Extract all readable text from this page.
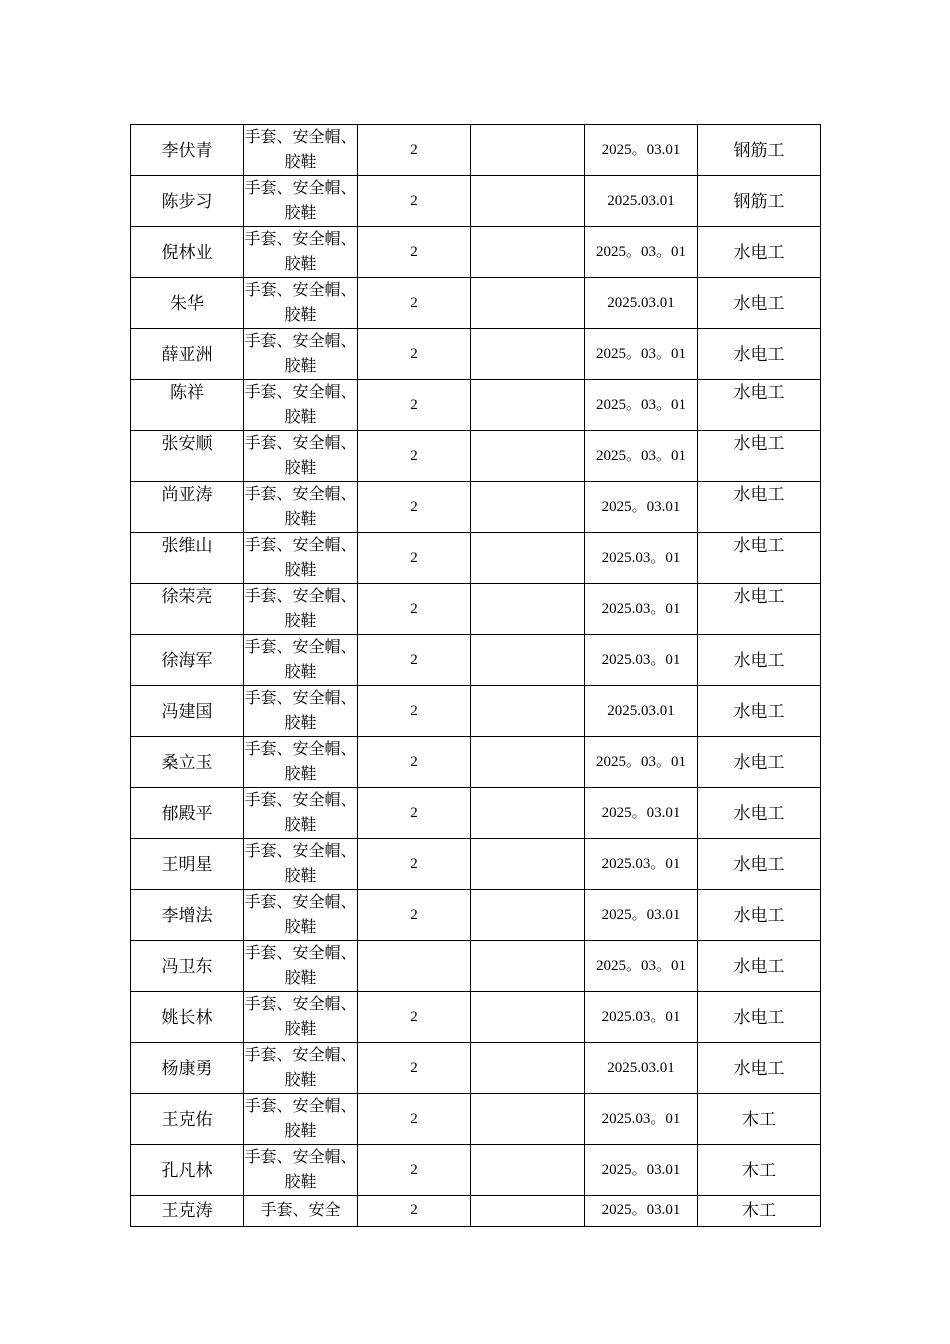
李伏青	手套、安全帽、胶鞋	2		2025。03.01	钢筋工
陈步习	手套、安全帽、胶鞋	2		2025.03.01	钢筋工
倪林业	手套、安全帽、胶鞋	2		2025。03。01	水电工
朱华	手套、安全帽、胶鞋	2		2025.03.01	水电工
薛亚洲	手套、安全帽、胶鞋	2		2025。03。01	水电工
陈祥	手套、安全帽、胶鞋	2		2025。03。01	水电工
张安顺	手套、安全帽、胶鞋	2		2025。03。01	水电工
尚亚涛	手套、安全帽、胶鞋	2		2025。03.01	水电工
张维山	手套、安全帽、胶鞋	2		2025.03。01	水电工
徐荣亮	手套、安全帽、胶鞋	2		2025.03。01	水电工
徐海军	手套、安全帽、胶鞋	2		2025.03。01	水电工
冯建国	手套、安全帽、胶鞋	2		2025.03.01	水电工
桑立玉	手套、安全帽、胶鞋	2		2025。03。01	水电工
郁殿平	手套、安全帽、胶鞋	2		2025。03.01	水电工
王明星	手套、安全帽、胶鞋	2		2025.03。01	水电工
李增法	手套、安全帽、胶鞋	2		2025。03.01	水电工
冯卫东	手套、安全帽、胶鞋			2025。03。01	水电工
姚长林	手套、安全帽、胶鞋	2		2025.03。01	水电工
杨康勇	手套、安全帽、胶鞋	2		2025.03.01	水电工
王克佑	手套、安全帽、胶鞋	2		2025.03。01	木工
孔凡林	手套、安全帽、胶鞋	2		2025。03.01	木工
王克涛	手套、安全	2		2025。03.01	木工
